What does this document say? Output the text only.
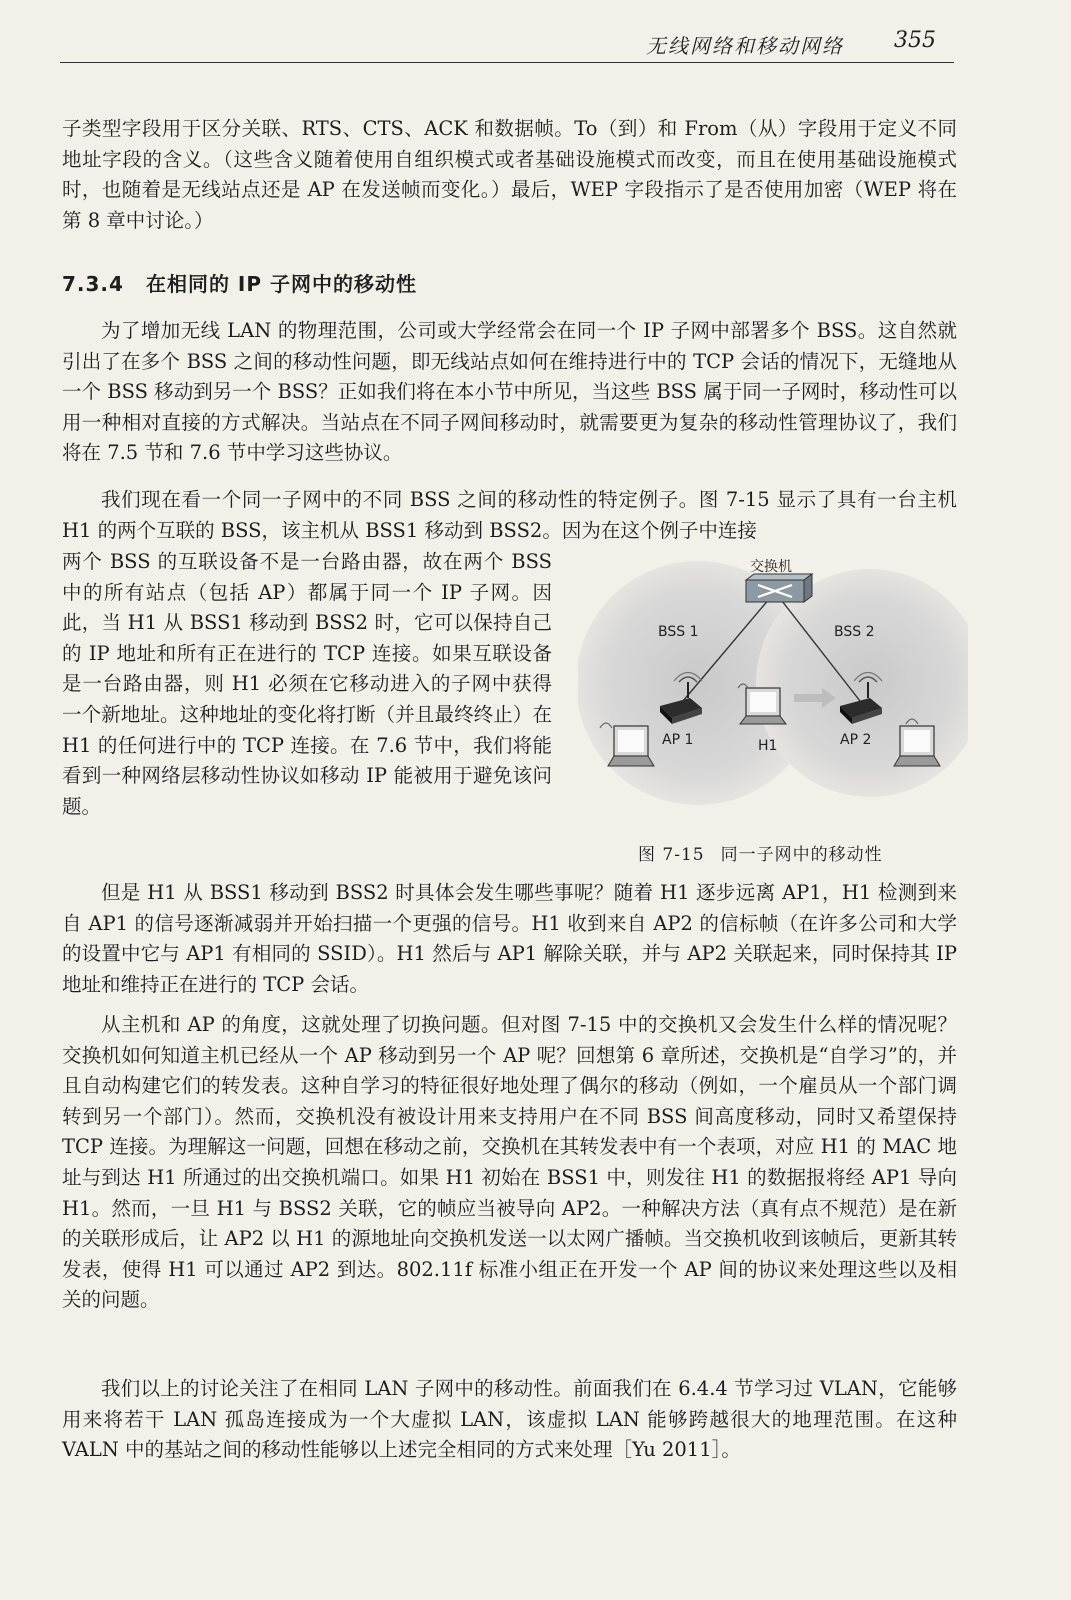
无线网络和移动网络 355

子类型字段用于区分关联、RTS、CTS、ACK 和数据帧。To（到）和 From（从）字段用于定义不同地址字段的含义。（这些含义随着使用自组织模式或者基础设施模式而改变，而且在使用基础设施模式时，也随着是无线站点还是 AP 在发送帧而变化。）最后，WEP 字段指示了是否使用加密（WEP 将在第 8 章中讨论。）

7.3.4 在相同的 IP 子网中的移动性

为了增加无线 LAN 的物理范围，公司或大学经常会在同一个 IP 子网中部署多个 BSS。这自然就引出了在多个 BSS 之间的移动性问题，即无线站点如何在维持进行中的 TCP 会话的情况下，无缝地从一个 BSS 移动到另一个 BSS？正如我们将在本小节中所见，当这些 BSS 属于同一子网时，移动性可以用一种相对直接的方式解决。当站点在不同子网间移动时，就需要更为复杂的移动性管理协议了，我们将在 7.5 节和 7.6 节中学习这些协议。

我们现在看一个同一子网中的不同 BSS 之间的移动性的特定例子。图 7-15 显示了具有一台主机 H1 的两个互联的 BSS，该主机从 BSS1 移动到 BSS2。因为在这个例子中连接

两个 BSS 的互联设备不是一台路由器，故在两个 BSS 中的所有站点（包括 AP）都属于同一个 IP 子网。因此，当 H1 从 BSS1 移动到 BSS2 时，它可以保持自己的 IP 地址和所有正在进行的 TCP 连接。如果互联设备是一台路由器，则 H1 必须在它移动进入的子网中获得一个新地址。这种地址的变化将打断（并且最终终止）在 H1 的任何进行中的 TCP 连接。在 7.6 节中，我们将能看到一种网络层移动性协议如移动 IP 能被用于避免该问题。

交换机
BSS 1	BSS 2
AP 1	AP 2
H1
图 7-15 同一子网中的移动性

但是 H1 从 BSS1 移动到 BSS2 时具体会发生哪些事呢？随着 H1 逐步远离 AP1，H1 检测到来自 AP1 的信号逐渐减弱并开始扫描一个更强的信号。H1 收到来自 AP2 的信标帧（在许多公司和大学的设置中它与 AP1 有相同的 SSID）。H1 然后与 AP1 解除关联，并与 AP2 关联起来，同时保持其 IP 地址和维持正在进行的 TCP 会话。

从主机和 AP 的角度，这就处理了切换问题。但对图 7-15 中的交换机又会发生什么样的情况呢？交换机如何知道主机已经从一个 AP 移动到另一个 AP 呢？回想第 6 章所述，交换机是“自学习”的，并且自动构建它们的转发表。这种自学习的特征很好地处理了偶尔的移动（例如，一个雇员从一个部门调转到另一个部门）。然而，交换机没有被设计用来支持用户在不同 BSS 间高度移动，同时又希望保持 TCP 连接。为理解这一问题，回想在移动之前，交换机在其转发表中有一个表项，对应 H1 的 MAC 地址与到达 H1 所通过的出交换机端口。如果 H1 初始在 BSS1 中，则发往 H1 的数据报将经 AP1 导向 H1。然而，一旦 H1 与 BSS2 关联，它的帧应当被导向 AP2。一种解决方法（真有点不规范）是在新的关联形成后，让 AP2 以 H1 的源地址向交换机发送一以太网广播帧。当交换机收到该帧后，更新其转发表，使得 H1 可以通过 AP2 到达。802.11f 标准小组正在开发一个 AP 间的协议来处理这些以及相关的问题。

我们以上的讨论关注了在相同 LAN 子网中的移动性。前面我们在 6.4.4 节学习过 VLAN，它能够用来将若干 LAN 孤岛连接成为一个大虚拟 LAN，该虚拟 LAN 能够跨越很大的地理范围。在这种 VALN 中的基站之间的移动性能够以上述完全相同的方式来处理［Yu 2011］。
